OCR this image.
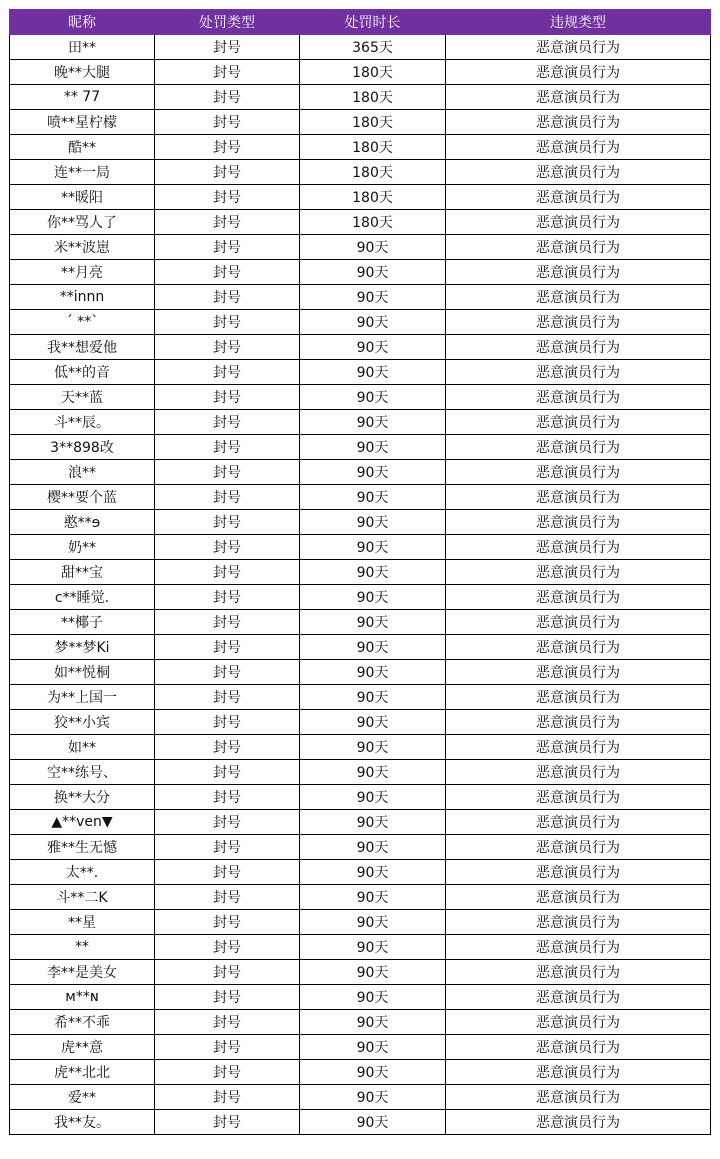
昵称	处罚类型	处罚时长	违规类型
田**	封号	365天	恶意演员行为
晚**大腿	封号	180天	恶意演员行为
** 77	封号	180天	恶意演员行为
喷**星柠檬	封号	180天	恶意演员行为
酷**	封号	180天	恶意演员行为
连**一局	封号	180天	恶意演员行为
**暖阳	封号	180天	恶意演员行为
你**骂人了	封号	180天	恶意演员行为
米**波崽	封号	90天	恶意演员行为
**月亮	封号	90天	恶意演员行为
**innn	封号	90天	恶意演员行为
ˊ **ˋ	封号	90天	恶意演员行为
我**想爱他	封号	90天	恶意演员行为
低**的音	封号	90天	恶意演员行为
天**蓝	封号	90天	恶意演员行为
斗**辰。	封号	90天	恶意演员行为
3**898改	封号	90天	恶意演员行为
浪**	封号	90天	恶意演员行为
樱**要个蓝	封号	90天	恶意演员行为
憨**ɘ	封号	90天	恶意演员行为
奶**	封号	90天	恶意演员行为
甜**宝	封号	90天	恶意演员行为
c**睡觉.	封号	90天	恶意演员行为
**椰子	封号	90天	恶意演员行为
梦**梦Ki	封号	90天	恶意演员行为
如**悦桐	封号	90天	恶意演员行为
为**上国一	封号	90天	恶意演员行为
狡**小宾	封号	90天	恶意演员行为
如**	封号	90天	恶意演员行为
空**练号、	封号	90天	恶意演员行为
换**大分	封号	90天	恶意演员行为
▲**ven▼	封号	90天	恶意演员行为
雅**生无憾	封号	90天	恶意演员行为
太**.	封号	90天	恶意演员行为
斗**二K	封号	90天	恶意演员行为
**星	封号	90天	恶意演员行为
**	封号	90天	恶意演员行为
李**是美女	封号	90天	恶意演员行为
ᴍ**ɴ	封号	90天	恶意演员行为
希**不乖	封号	90天	恶意演员行为
虎**意	封号	90天	恶意演员行为
虎**北北	封号	90天	恶意演员行为
爱**	封号	90天	恶意演员行为
我**友。	封号	90天	恶意演员行为
